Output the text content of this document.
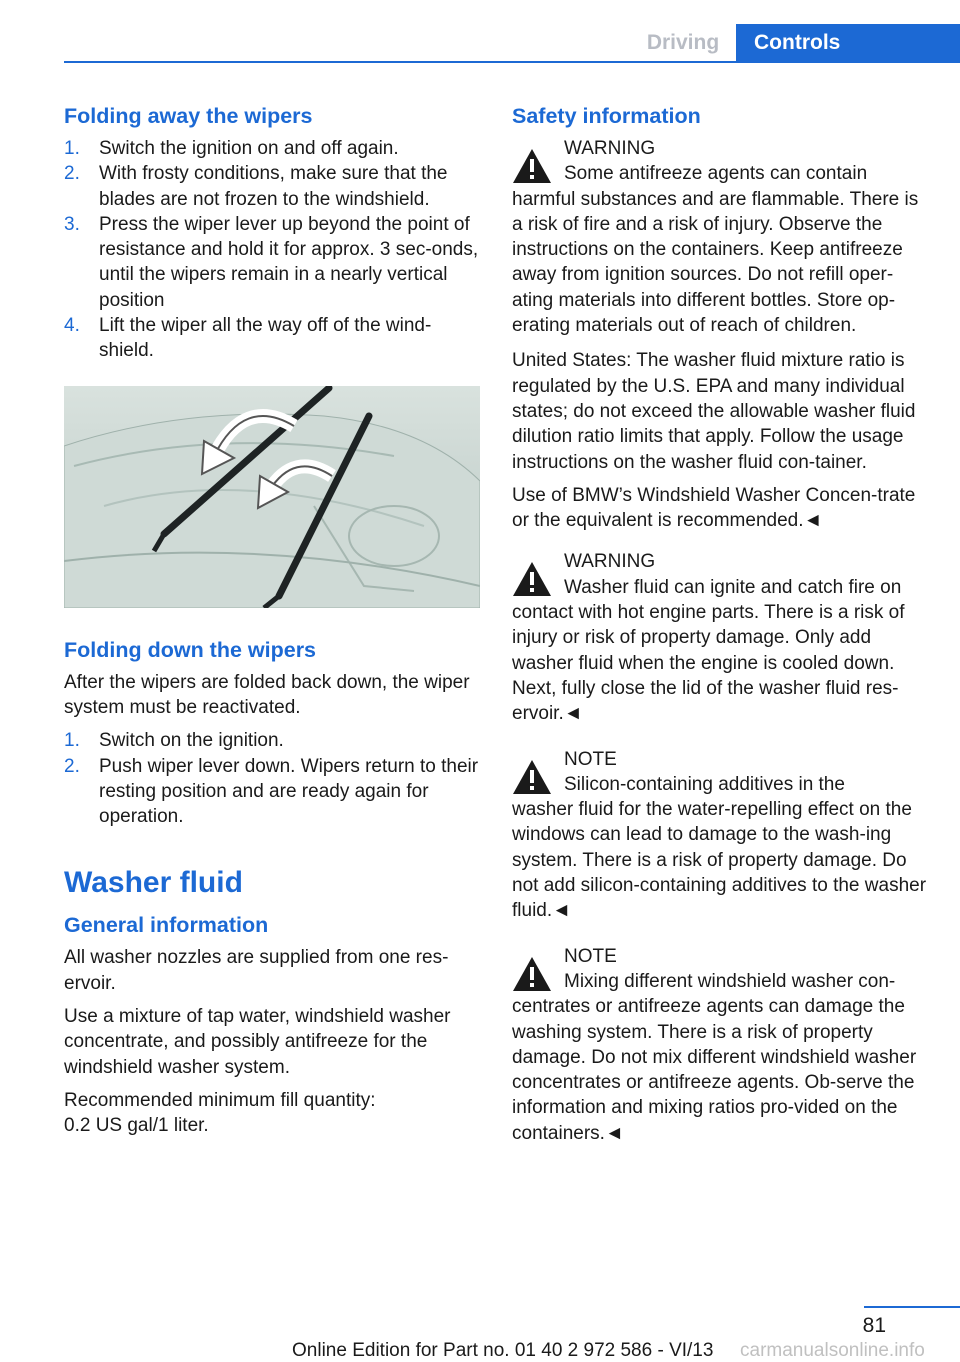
Driving	Controls
Folding away the wipers
1. Switch the ignition on and off again.
2. With frosty conditions, make sure that the blades are not frozen to the windshield.
3. Press the wiper lever up beyond the point of resistance and hold it for approx. 3 sec‐onds, until the wipers remain in a nearly vertical position
4. Lift the wiper all the way off of the wind‐shield.
Folding down the wipers

After the wipers are folded back down, the wiper system must be reactivated.

1. Switch on the ignition.
2. Push wiper lever down. Wipers return to their resting position and are ready again for operation.
Washer fluid
General information

All washer nozzles are supplied from one res‐ervoir.

Use a mixture of tap water, windshield washer concentrate, and possibly antifreeze for the windshield washer system.

Recommended minimum fill quantity:

0.2 US gal/1 liter.

Safety information
WARNING
Some antifreeze agents can contain
harmful substances and are flammable. There is a risk of fire and a risk of injury. Observe the instructions on the containers. Keep antifreeze away from ignition sources. Do not refill oper‐ating materials into different bottles. Store op‐erating materials out of reach of children.

United States: The washer fluid mixture ratio is regulated by the U.S. EPA and many individual states; do not exceed the allowable washer fluid dilution ratio limits that apply. Follow the usage instructions on the washer fluid con‐tainer.

Use of BMW’s Windshield Washer Concen‐trate or the equivalent is recommended.◄

WARNING
Washer fluid can ignite and catch fire on
contact with hot engine parts. There is a risk of injury or risk of property damage. Only add washer fluid when the engine is cooled down. Next, fully close the lid of the washer fluid res‐ervoir.◄
NOTE
Silicon-containing additives in the
washer fluid for the water-repelling effect on the windows can lead to damage to the wash‐ing system. There is a risk of property damage. Do not add silicon-containing additives to the washer fluid.◄
NOTE
Mixing different windshield washer con‐
centrates or antifreeze agents can damage the washing system. There is a risk of property damage. Do not mix different windshield washer concentrates or antifreeze agents. Ob‐serve the information and mixing ratios pro‐vided on the containers.◄
81
Online Edition for Part no. 01 40 2 972 586 - VI/13 carmanualsonline.info
